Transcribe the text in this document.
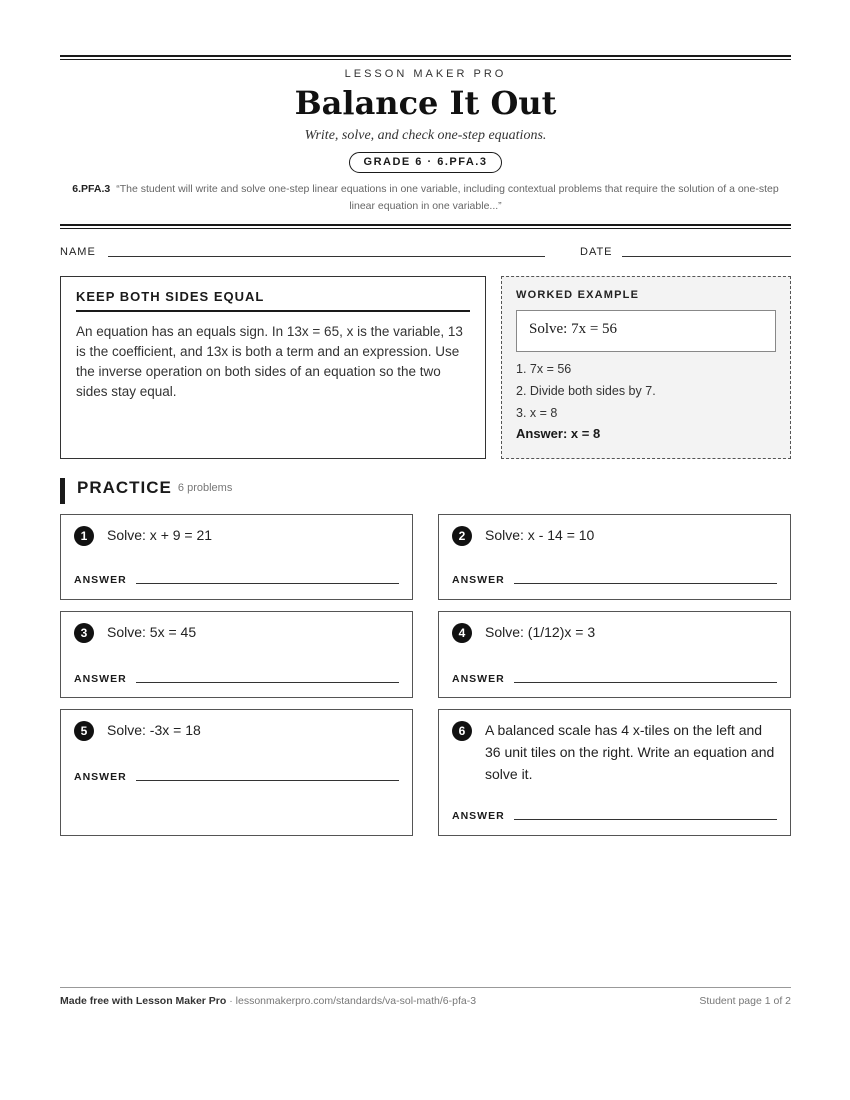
LESSON MAKER PRO
Balance It Out
Write, solve, and check one-step equations.
GRADE 6 · 6.PFA.3
6.PFA.3 “The student will write and solve one-step linear equations in one variable, including contextual problems that require the solution of a one-step linear equation in one variable...”
NAME	DATE
KEEP BOTH SIDES EQUAL

An equation has an equals sign. In 13x = 65, x is the variable, 13 is the coefficient, and 13x is both a term and an expression. Use the inverse operation on both sides of an equation so the two sides stay equal.

WORKED EXAMPLE
Solve: 7x = 56
1. 7x = 56
2. Divide both sides by 7.
3. x = 8
Answer: x = 8
PRACTICE 6 problems
1	Solve: x + 9 = 21
ANSWER
2	Solve: x - 14 = 10
ANSWER
3	Solve: 5x = 45
ANSWER
4	Solve: (1/12)x = 3
ANSWER
5	Solve: -3x = 18
ANSWER
6	A balanced scale has 4 x-tiles on the left and 36 unit tiles on the right. Write an equation and solve it.
ANSWER
Made free with Lesson Maker Pro · lessonmakerpro.com/standards/va-sol-math/6-pfa-3	Student page 1 of 2
